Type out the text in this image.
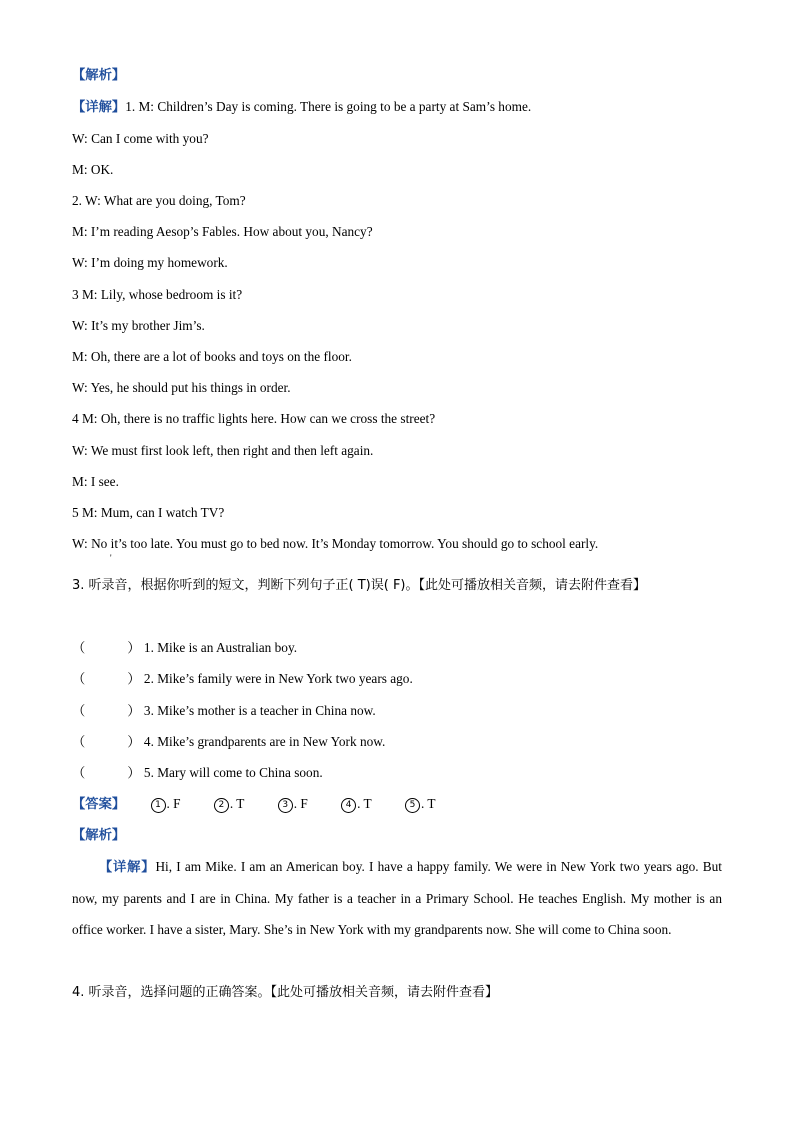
【解析】
【详解】1. M: Children’s Day is coming. There is going to be a party at Sam’s home.
W: Can I come with you?
M: OK.
2. W: What are you doing, Tom?
M: I’m reading Aesop’s Fables. How about you, Nancy?
W: I’m doing my homework.
3 M: Lily, whose bedroom is it?
W: It’s my brother Jim’s.
M: Oh, there are a lot of books and toys on the floor.
W: Yes, he should put his things in order.
4 M: Oh, there is no traffic lights here. How can we cross the street?
W: We must first look left, then right and then left again.
M: I see.
5 M: Mum, can I watch TV?
W: No it’s too late. You must go to bed now. It’s Monday tomorrow. You should go to school early.
'
3. 听录音，根据你听到的短文，判断下列句子正( T)误( F)。【此处可播放相关音频，请去附件查看】
（	） 1. Mike is an Australian boy.
（	） 2. Mike’s family were in New York two years ago.
（	） 3. Mike’s mother is a teacher in China now.
（	） 4. Mike’s grandparents are in New York now.
（	） 5. Mary will come to China soon.
【答案】	1 . F	2 . T	3 . F	4 . T	5 . T
【解析】
【详解】Hi, I am Mike. I am an American boy. I have a happy family. We were in New York two years ago. But now, my parents and I are in China. My father is a teacher in a Primary School. He teaches English. My mother is an office worker. I have a sister, Mary. She’s in New York with my grandparents now. She will come to China soon.
4. 听录音，选择问题的正确答案。【此处可播放相关音频，请去附件查看】
